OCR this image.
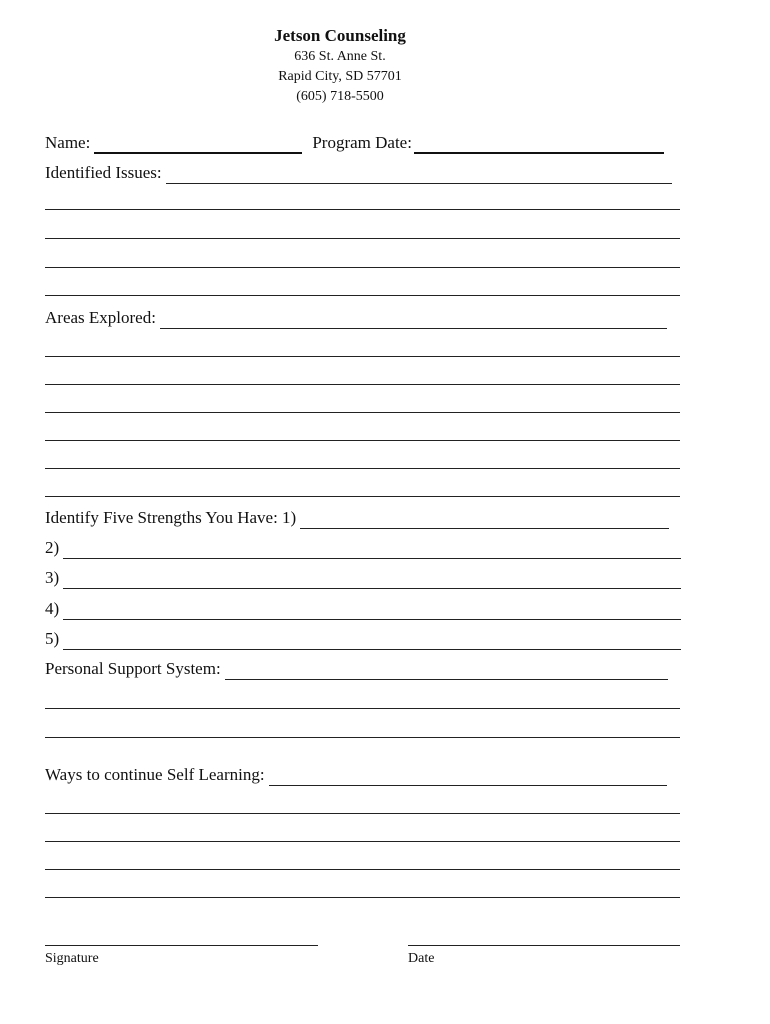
Jetson Counseling
636 St. Anne St.
Rapid City, SD 57701
(605) 718-5500
Name:	Program Date:
Identified Issues:
Areas Explored:
Identify Five Strengths You Have: 1)
2)
3)
4)
5)
Personal Support System:
Ways to continue Self Learning:
Signature	Date
